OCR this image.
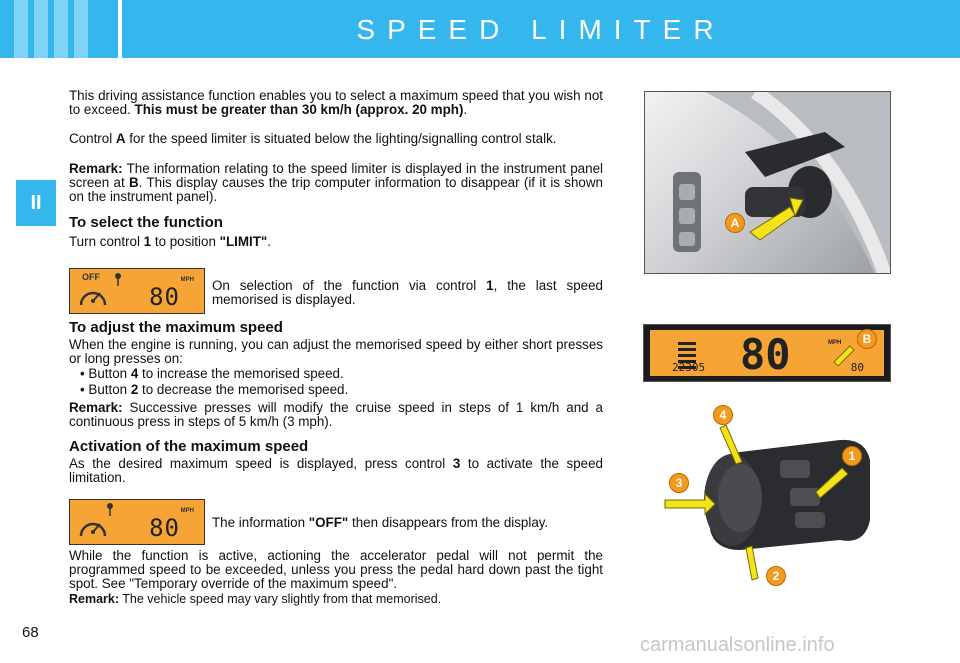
SPEED LIMITER
II

This driving assistance function enables you to select a maximum speed that you wish not to exceed. This must be greater than 30 km/h (approx. 20 mph).

Control A for the speed limiter is situated below the lighting/signalling control stalk.

Remark: The information relating to the speed limiter is displayed in the instrument panel screen at B. This display causes the trip computer information to disappear (if it is shown on the instrument panel).

To select the function

Turn control 1 to position "LIMIT".

OFF	MPH
80 On selection of the function via control 1, the last speed memorised is displayed.

To adjust the maximum speed

When the engine is running, you can adjust the memorised speed by either short presses or long presses on:

• Button 4 to increase the memorised speed.
• Button 2 to decrease the memorised speed.

Remark: Successive presses will modify the cruise speed in steps of 1 km/h and a continuous press in steps of 5 km/h (3 mph).

Activation of the maximum speed

As the desired maximum speed is displayed, press control 3 to activate the speed limitation.

MPH
80 The information "OFF" then disappears from the display.

While the function is active, actioning the accelerator pedal will not permit the programmed speed to be exceeded, unless you press the pedal hard down past the tight spot. See "Temporary override of the maximum speed".

Remark: The vehicle speed may vary slightly from that memorised.

A
80	MPH
22305	80
B
4
1
3
2
68
carmanualsonline.info
